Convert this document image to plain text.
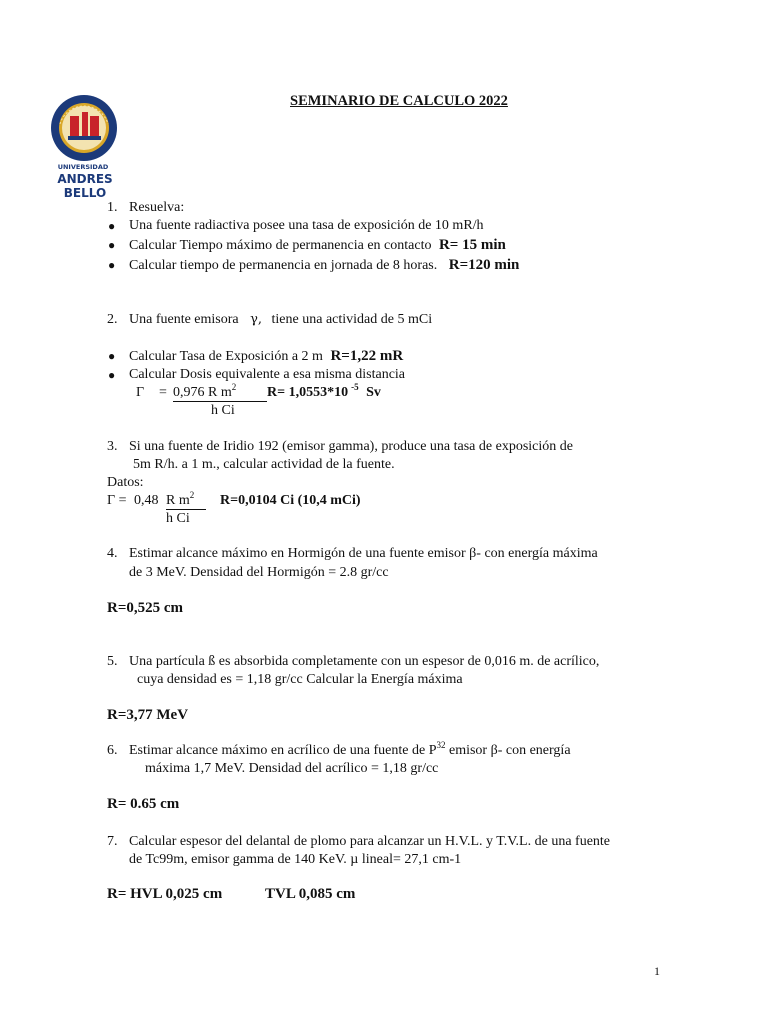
SEMINARIO DE CALCULO 2022
UNIVERSIDAD
ANDRES BELLO
1. Resuelva:
● Una fuente radiactiva posee una tasa de exposición de 10 mR/h
● Calcular Tiempo máximo de permanencia en contacto R= 15 min
● Calcular tiempo de permanencia en jornada de 8 horas. R=120 min
2. Una fuente emisora γ, tiene una actividad de 5 mCi
● Calcular Tasa de Exposición a 2 m R=1,22 mR
● Calcular Dosis equivalente a esa misma distancia
Γ = 0,976 R $m^2$	R= 1,0553*10 $^{-5}$ Sv
h Ci
3. Si una fuente de Iridio 192 (emisor gamma), produce una tasa de exposición de
5m R/h. a 1 m., calcular actividad de la fuente.
Datos:
Γ = 0,48 R $m^2$	R=0,0104 Ci (10,4 mCi)
h Ci
4. Estimar alcance máximo en Hormigón de una fuente emisor β- con energía máxima
de 3 MeV. Densidad del Hormigón = 2.8 gr/cc
R=0,525 cm
5. Una partícula ß es absorbida completamente con un espesor de 0,016 m. de acrílico,
cuya densidad es = 1,18 gr/cc Calcular la Energía máxima
R=3,77 MeV
6. Estimar alcance máximo en acrílico de una fuente de $P^{32}$ emisor β- con energía
máxima 1,7 MeV. Densidad del acrílico = 1,18 gr/cc
R= 0.65 cm
7. Calcular espesor del delantal de plomo para alcanzar un H.V.L. y T.V.L. de una fuente
de Tc99m, emisor gamma de 140 KeV. µ lineal= 27,1 cm-1
R= HVL 0,025 cm	TVL 0,085 cm
1
